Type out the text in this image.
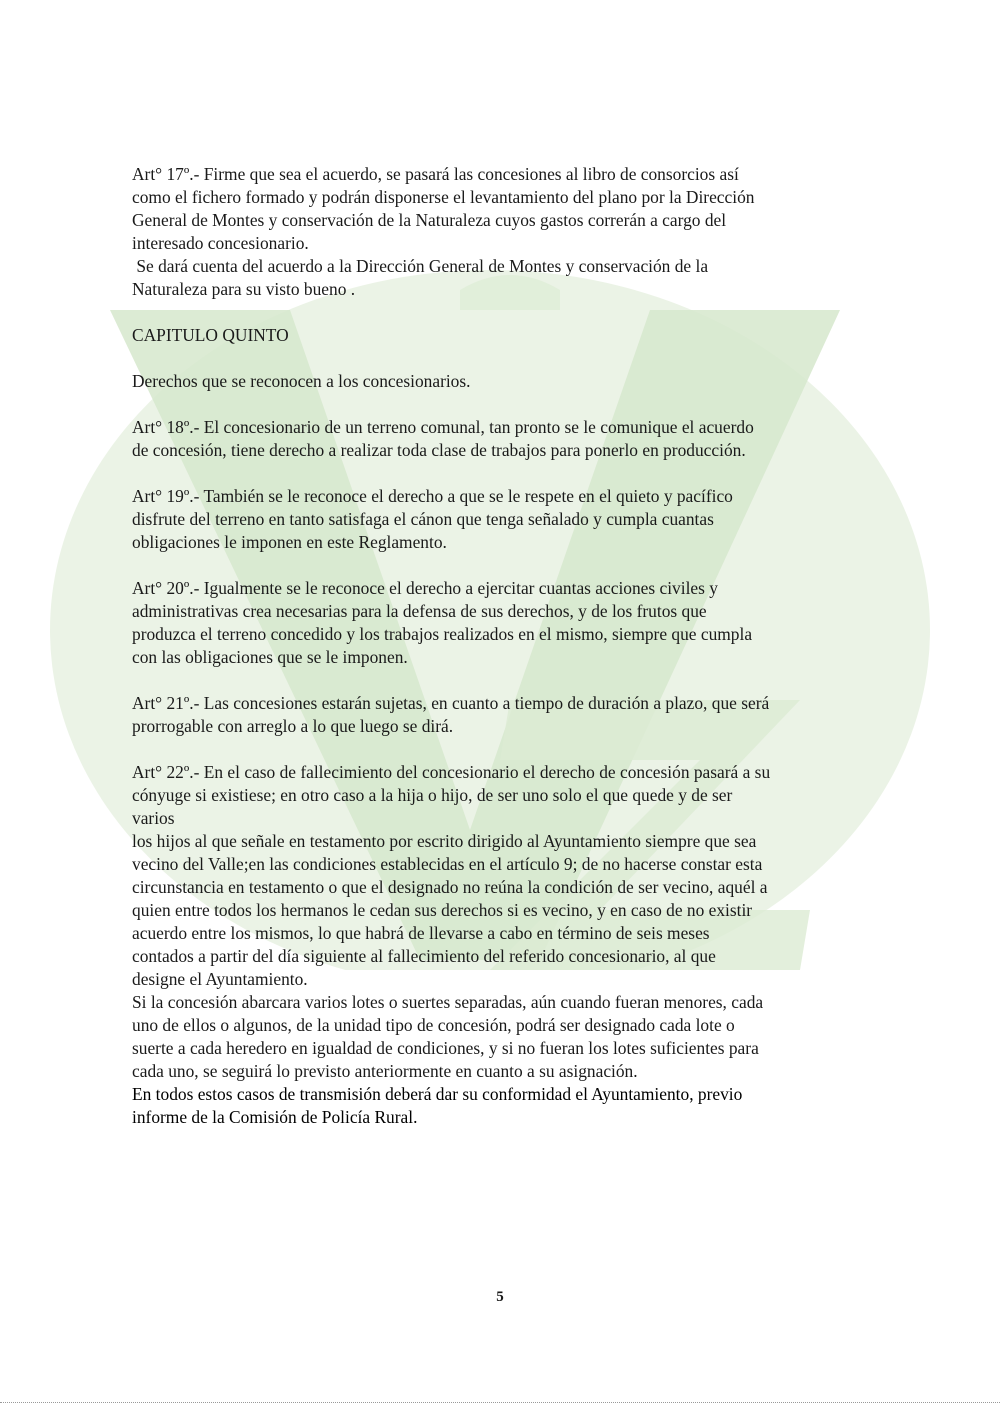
Art° 17º.- Firme que sea el acuerdo, se pasará las concesiones al libro de consorcios así

como el fichero formado y podrán disponerse el levantamiento del plano por la Dirección

General de Montes y conservación de la Naturaleza cuyos gastos correrán a cargo del

interesado concesionario.

Se dará cuenta del acuerdo a la Dirección General de Montes y conservación de la

Naturaleza para su visto bueno .

CAPITULO QUINTO

Derechos que se reconocen a los concesionarios.

Art° 18º.- El concesionario de un terreno comunal, tan pronto se le comunique el acuerdo

de concesión, tiene derecho a realizar toda clase de trabajos para ponerlo en producción.

Art° 19º.- También se le reconoce el derecho a que se le respete en el quieto y pacífico

disfrute del terreno en tanto satisfaga el cánon que tenga señalado y cumpla cuantas

obligaciones le imponen en este Reglamento.

Art° 20º.- Igualmente se le reconoce el derecho a ejercitar cuantas acciones civiles y

administrativas crea necesarias para la defensa de sus derechos, y de los frutos que

produzca el terreno concedido y los trabajos realizados en el mismo, siempre que cumpla

con las obligaciones que se le imponen.

Art° 21º.- Las concesiones estarán sujetas, en cuanto a tiempo de duración a plazo, que será

prorrogable con arreglo a lo que luego se dirá.

Art° 22º.- En el caso de fallecimiento del concesionario el derecho de concesión pasará a su

cónyuge si existiese; en otro caso a la hija o hijo, de ser uno solo el que quede y de ser

varios

los hijos al que señale en testamento por escrito dirigido al Ayuntamiento siempre que sea

vecino del Valle;en las condiciones establecidas en el artículo 9; de no hacerse constar esta

circunstancia en testamento o que el designado no reúna la condición de ser vecino, aquél a

quien entre todos los hermanos le cedan sus derechos si es vecino, y en caso de no existir

acuerdo entre los mismos, lo que habrá de llevarse a cabo en término de seis meses

contados a partir del día siguiente al fallecimiento del referido concesionario, al que

designe el Ayuntamiento.

Si la concesión abarcara varios lotes o suertes separadas, aún cuando fueran menores, cada

uno de ellos o algunos, de la unidad tipo de concesión, podrá ser designado cada lote o

suerte a cada heredero en igualdad de condiciones, y si no fueran los lotes suficientes para

cada uno, se seguirá lo previsto anteriormente en cuanto a su asignación.

En todos estos casos de transmisión deberá dar su conformidad el Ayuntamiento, previo

informe de la Comisión de Policía Rural.

5
